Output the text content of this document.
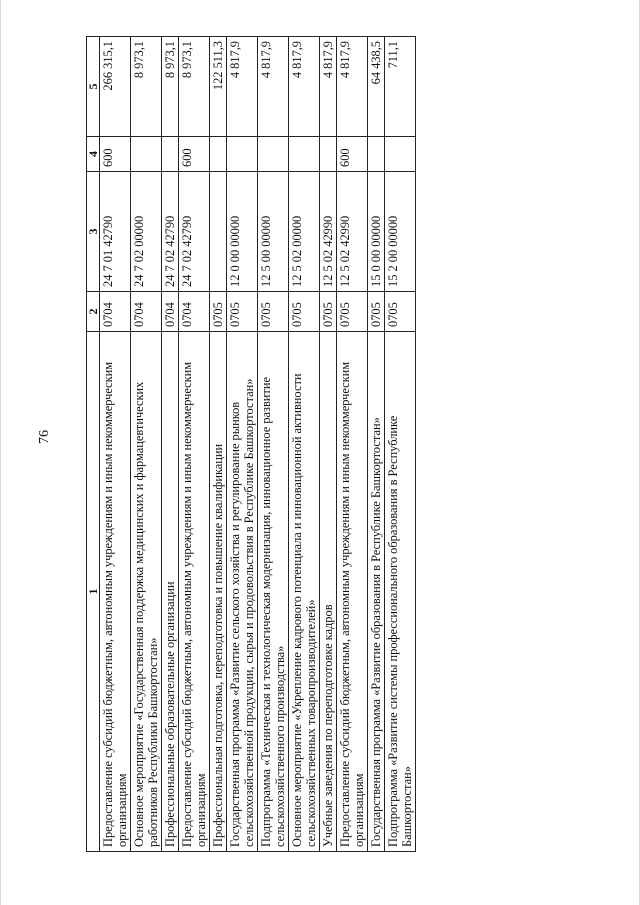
76
1	2	3	4	5
Предоставление субсидий бюджетным, автономным учреждениям и иным некоммерческим организациям	0704	24 7 01 42790	600	266 315,1
Основное мероприятие «Государственная поддержка медицинских и фармацевтических работников Республики Башкортостан»	0704	24 7 02 00000		8 973,1
Профессиональные образовательные организации	0704	24 7 02 42790		8 973,1
Предоставление субсидий бюджетным, автономным учреждениям и иным некоммерческим организациям	0704	24 7 02 42790	600	8 973,1
Профессиональная подготовка, переподготовка и повышение квалификации	0705			122 511,3
Государственная программа «Развитие сельского хозяйства и регулирование рынков сельскохозяйственной продукции, сырья и продовольствия в Республике Башкортостан»	0705	12 0 00 00000		4 817,9
Подпрограмма «Техническая и технологическая модернизация, инновационное развитие сельскохозяйственного производства»	0705	12 5 00 00000		4 817,9
Основное мероприятие «Укрепление кадрового потенциала и инновационной активности сельскохозяйственных товаропроизводителей»	0705	12 5 02 00000		4 817,9
Учебные заведения по переподготовке кадров	0705	12 5 02 42990		4 817,9
Предоставление субсидий бюджетным, автономным учреждениям и иным некоммерческим организациям	0705	12 5 02 42990	600	4 817,9
Государственная программа «Развитие образования в Республике Башкортостан»	0705	15 0 00 00000		64 438,5
Подпрограмма «Развитие системы профессионального образования в Республике Башкортостан»	0705	15 2 00 00000		711,1
